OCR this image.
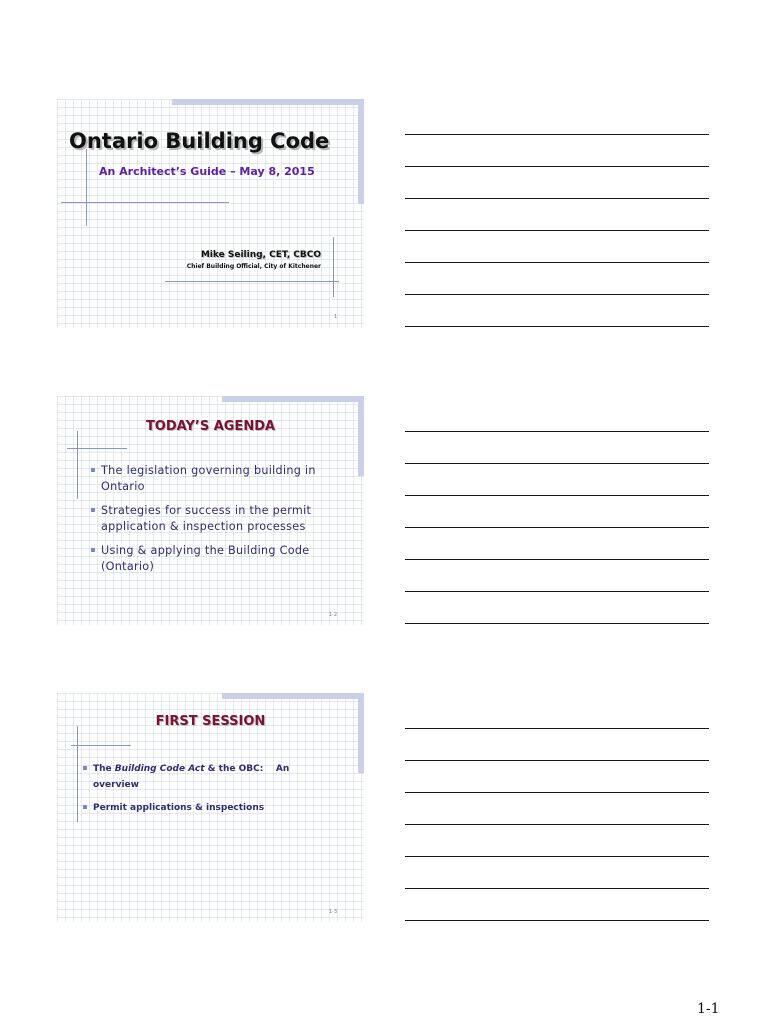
Ontario Building Code
An Architect’s Guide – May 8, 2015
Mike Seiling, CET, CBCO
Chief Building Official, City of Kitchener
1
TODAY’S AGENDA
The legislation governing building in Ontario
Strategies for success in the permit application & inspection processes
Using & applying the Building Code (Ontario)
1-2
FIRST SESSION
The Building Code Act & the OBC:    An overview
Permit applications & inspections
1-3
1-1
